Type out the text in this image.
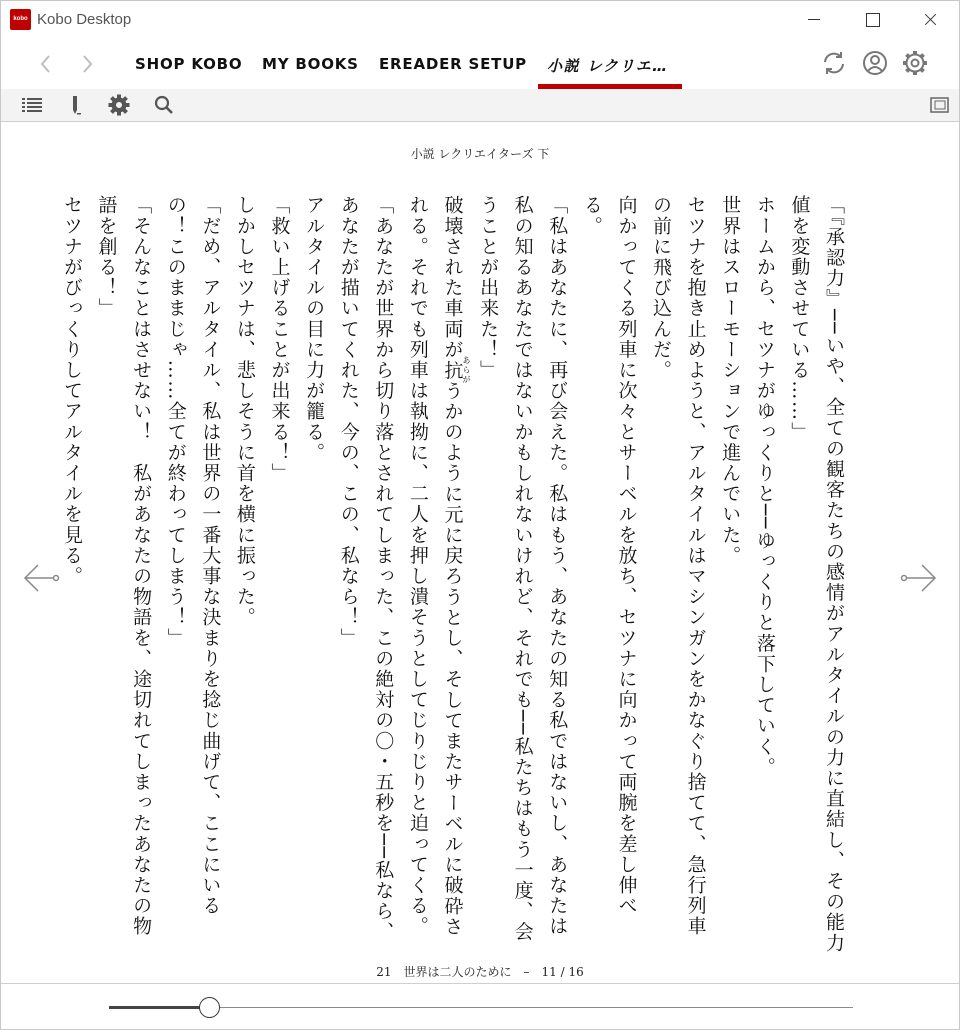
kobo Kobo Desktop
SHOP KOBO MY BOOKS EREADER SETUP 小説 レクリエ…
小説 レクリエイターズ 下

「『承認力』──いや、全ての観客たちの感情がアルタイルの力に直結し、その能力値を変動させている……」

ホームから、セツナがゆっくりと──ゆっくりと落下していく。

世界はスローモーションで進んでいた。

セツナを抱き止めようと、アルタイルはマシンガンをかなぐり捨てて、急行列車の前に飛び込んだ。

向かってくる列車に次々とサーベルを放ち、セツナに向かって両腕を差し伸べる。

「私はあなたに、再び会えた。私はもう、あなたの知る私ではないし、あなたは私の知るあなたではないかもしれないけれど、それでも──私たちはもう一度、会うことが出来た！」

破壊された車両が抗あらがうかのように元に戻ろうとし、そしてまたサーベルに破砕される。それでも列車は執拗に、二人を押し潰そうとしてじりじりと迫ってくる。

「あなたが世界から切り落とされてしまった、この絶対の〇・五秒を──私なら、あなたが描いてくれた、今の、この、私なら！」

アルタイルの目に力が籠る。

「救い上げることが出来る！」

しかしセツナは、悲しそうに首を横に振った。

「だめ、アルタイル、私は世界の一番大事な決まりを捻じ曲げて、ここにいるの！このままじゃ……全てが終わってしまう！」

「そんなことはさせない！　私があなたの物語を、途切れてしまったあなたの物語を創る！」

セツナがびっくりしてアルタイルを見る。

21　世界は二人のために　–　11 / 16
